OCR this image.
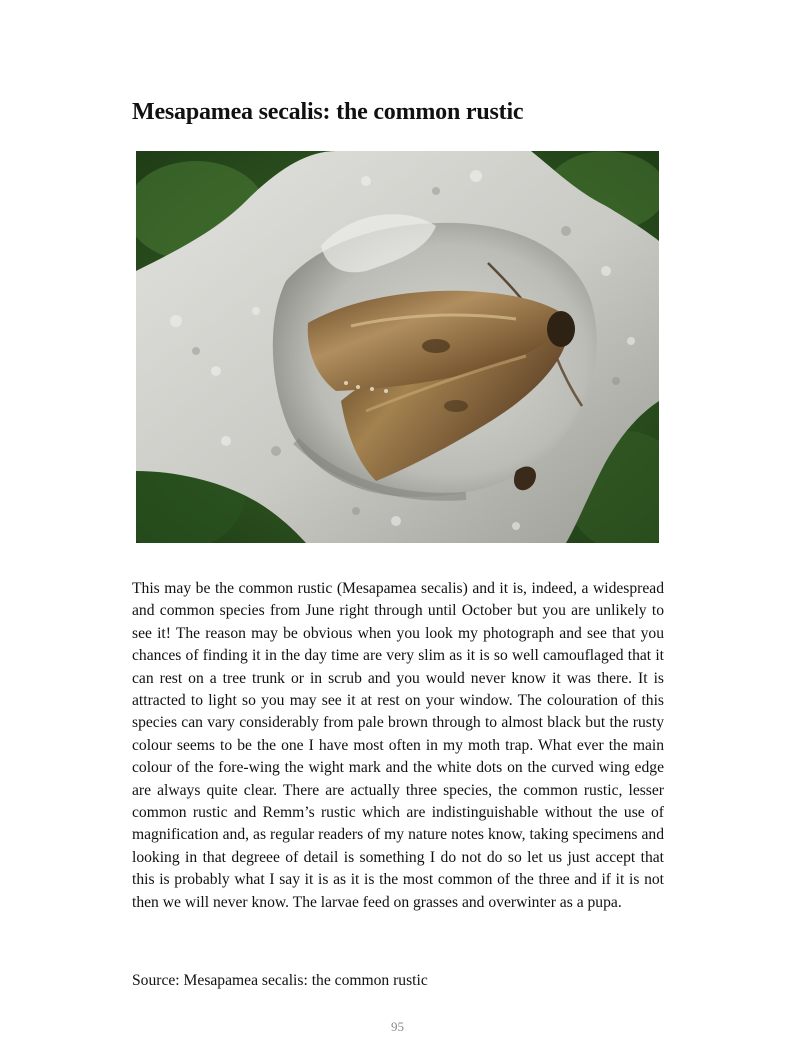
Mesapamea secalis: the common rustic

This may be the common rustic (Mesapamea secalis) and it is, indeed, a widespread and common species from June right through until October but you are unlikely to see it! The reason may be obvious when you look my photograph and see that you chances of finding it in the day time are very slim as it is so well camouflaged that it can rest on a tree trunk or in scrub and you would never know it was there. It is attracted to light so you may see it at rest on your window. The colouration of this species can vary considerably from pale brown through to almost black but the rusty colour seems to be the one I have most often in my moth trap. What ever the main colour of the fore-wing the wight mark and the white dots on the curved wing edge are always quite clear. There are actually three species, the common rustic, lesser common rustic and Remm’s rustic which are indistinguishable without the use of magnification and, as regular readers of my nature notes know, taking specimens and looking in that degreee of detail is something I do not do so let us just accept that this is probably what I say it is as it is the most common of the three and if it is not then we will never know. The larvae feed on grasses and overwinter as a pupa.

Source: Mesapamea secalis: the common rustic

95
